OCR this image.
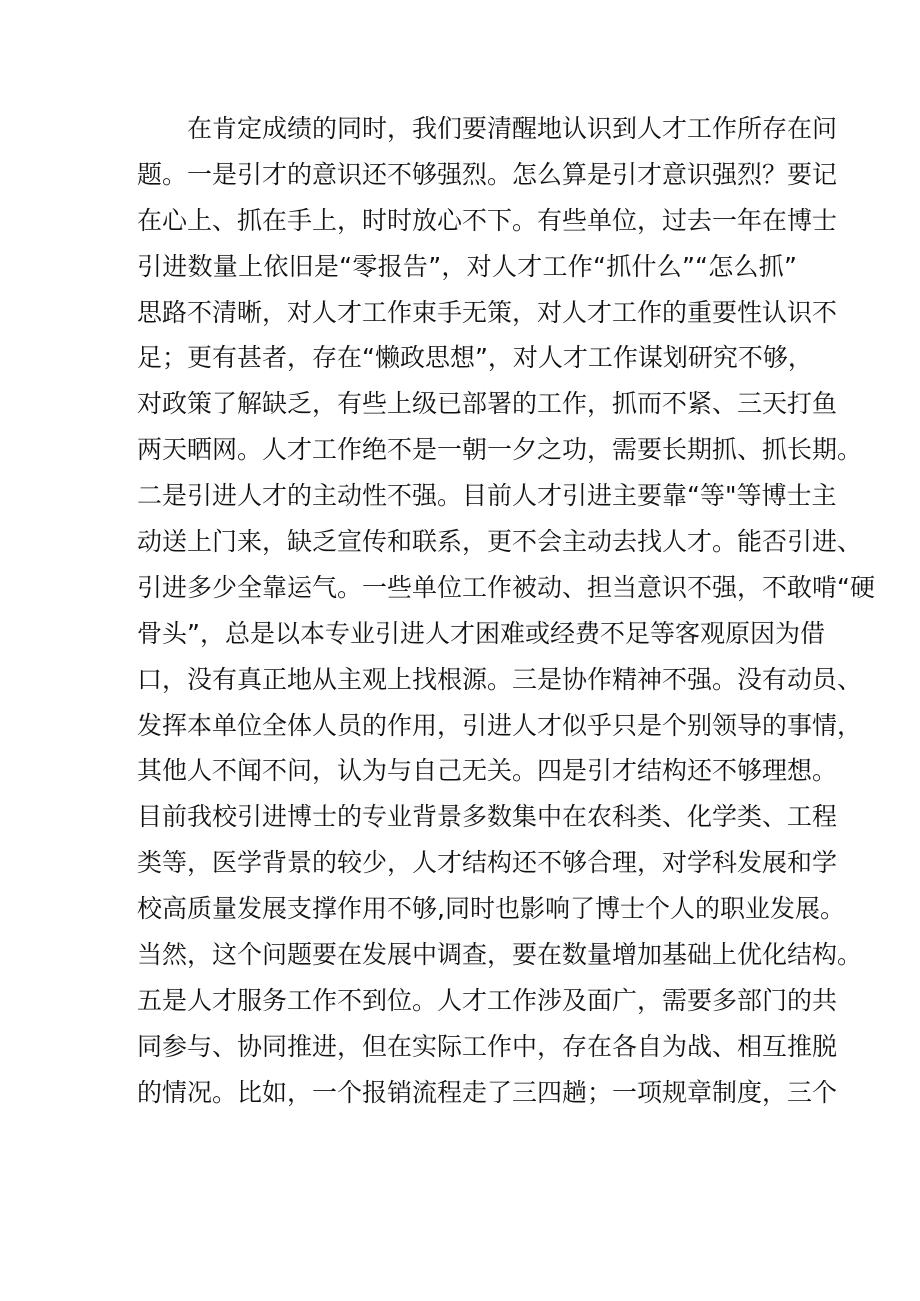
在肯定成绩的同时，我们要清醒地认识到人才工作所存在问
题。一是引才的意识还不够强烈。怎么算是引才意识强烈？要记
在心上、抓在手上，时时放心不下。有些单位，过去一年在博士
引进数量上依旧是“零报告”，对人才工作“抓什么”“怎么抓”
思路不清晰，对人才工作束手无策，对人才工作的重要性认识不
足；更有甚者，存在“懒政思想”，对人才工作谋划研究不够，
对政策了解缺乏，有些上级已部署的工作，抓而不紧、三天打鱼
两天晒网。人才工作绝不是一朝一夕之功，需要长期抓、抓长期。
二是引进人才的主动性不强。目前人才引进主要靠“等"等博士主
动送上门来，缺乏宣传和联系，更不会主动去找人才。能否引进、
引进多少全靠运气。一些单位工作被动、担当意识不强，不敢啃“硬
骨头”，总是以本专业引进人才困难或经费不足等客观原因为借
口，没有真正地从主观上找根源。三是协作精神不强。没有动员、
发挥本单位全体人员的作用，引进人才似乎只是个别领导的事情，
其他人不闻不问，认为与自己无关。四是引才结构还不够理想。
目前我校引进博士的专业背景多数集中在农科类、化学类、工程
类等，医学背景的较少，人才结构还不够合理，对学科发展和学
校高质量发展支撑作用不够,同时也影响了博士个人的职业发展。
当然，这个问题要在发展中调查，要在数量增加基础上优化结构。
五是人才服务工作不到位。人才工作涉及面广，需要多部门的共
同参与、协同推进，但在实际工作中，存在各自为战、相互推脱
的情况。比如，一个报销流程走了三四趟；一项规章制度，三个
